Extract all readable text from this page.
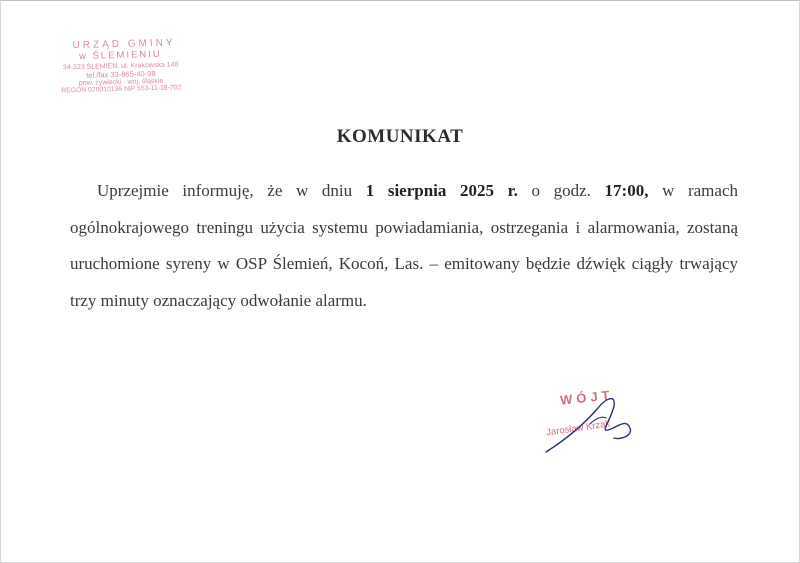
URZĄD GMINY
w ŚLEMIENIU
34-323 ŚLEMIEŃ, ul. Krakowska 148
tel./fax 33-865-40-98
pow. żywiecki - woj. śląskie
REGON 070010136 NIP 553-11-18-702
KOMUNIKAT
Uprzejmie informuję, że w dniu 1 sierpnia 2025 r. o godz. 17:00, w ramach ogólnokrajowego treningu użycia systemu powiadamiania, ostrzegania i alarmowania, zostaną uruchomione syreny w OSP Ślemień, Kocoń, Las. – emitowany będzie dźwięk ciągły trwający trzy minuty oznaczający odwołanie alarmu.
WÓJT
Jarosław Krzak
